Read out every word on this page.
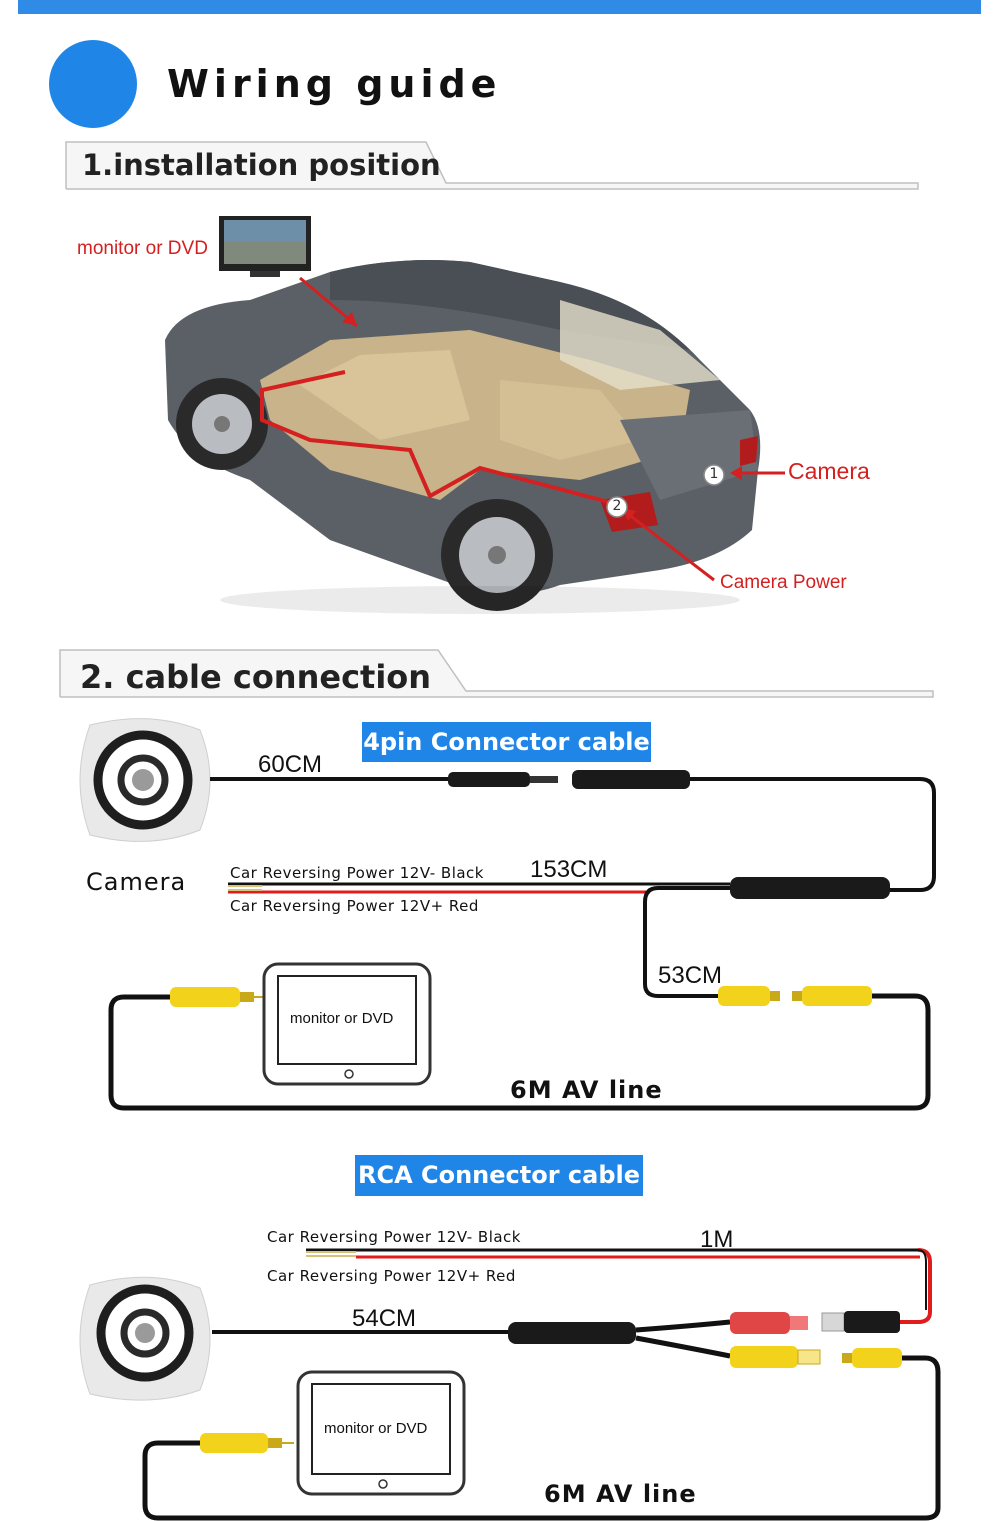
Wiring guide
1.installation position
monitor or DVD
Camera
Camera Power
1
2
2. cable connection
4pin Connector cable
60CM
Camera	Car Reversing Power 12V- Black
Car Reversing Power 12V+ Red
153CM
53CM
monitor or DVD
6M AV line
RCA Connector cable
Car Reversing Power 12V- Black
Car Reversing Power 12V+ Red
1M
54CM
monitor or DVD
6M AV line
